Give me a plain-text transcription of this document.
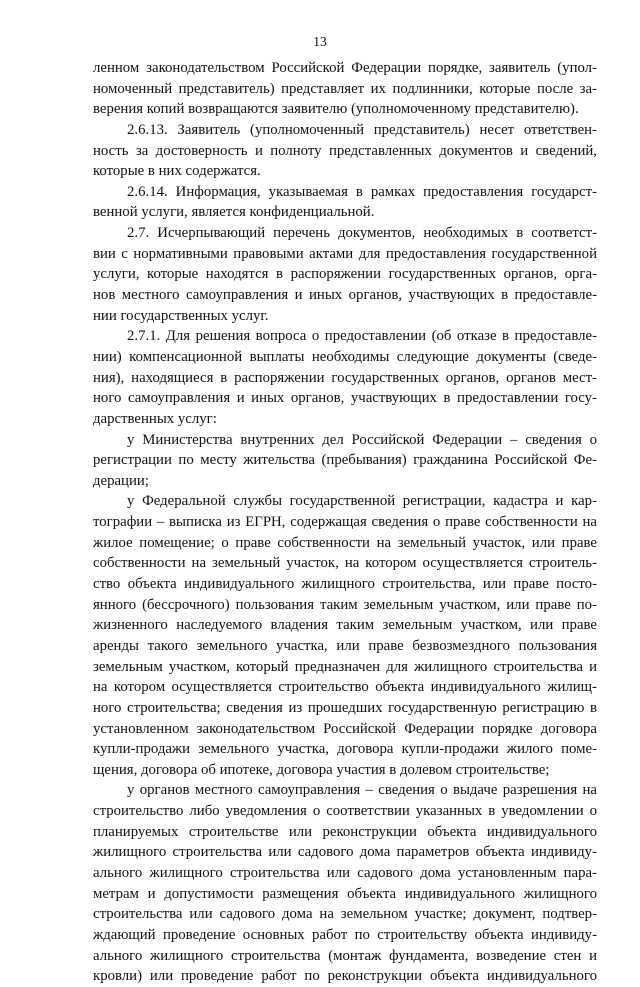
13
ленном законодательством Российской Федерации порядке, заявитель (упол-
номоченный представитель) представляет их подлинники, которые после за-
верения копий возвращаются заявителю (уполномоченному представителю).
2.6.13. Заявитель (уполномоченный представитель) несет ответствен-
ность за достоверность и полноту представленных документов и сведений,
которые в них содержатся.
2.6.14. Информация, указываемая в рамках предоставления государст-
венной услуги, является конфиденциальной.
2.7. Исчерпывающий перечень документов, необходимых в соответст-
вии с нормативными правовыми актами для предоставления государственной
услуги, которые находятся в распоряжении государственных органов, орга-
нов местного самоуправления и иных органов, участвующих в предоставле-
нии государственных услуг.
2.7.1. Для решения вопроса о предоставлении (об отказе в предоставле-
нии) компенсационной выплаты необходимы следующие документы (сведе-
ния), находящиеся в распоряжении государственных органов, органов мест-
ного самоуправления и иных органов, участвующих в предоставлении госу-
дарственных услуг:
у Министерства внутренних дел Российской Федерации – сведения о
регистрации по месту жительства (пребывания) гражданина Российской Фе-
дерации;
у Федеральной службы государственной регистрации, кадастра и кар-
тографии – выписка из ЕГРН, содержащая сведения о праве собственности на
жилое помещение; о праве собственности на земельный участок, или праве
собственности на земельный участок, на котором осуществляется строитель-
ство объекта индивидуального жилищного строительства, или праве посто-
янного (бессрочного) пользования таким земельным участком, или праве по-
жизненного наследуемого владения таким земельным участком, или праве
аренды такого земельного участка, или праве безвозмездного пользования
земельным участком, который предназначен для жилищного строительства и
на котором осуществляется строительство объекта индивидуального жилищ-
ного строительства; сведения из прошедших государственную регистрацию в
установленном законодательством Российской Федерации порядке договора
купли-продажи земельного участка, договора купли-продажи жилого поме-
щения, договора об ипотеке, договора участия в долевом строительстве;
у органов местного самоуправления – сведения о выдаче разрешения на
строительство либо уведомления о соответствии указанных в уведомлении о
планируемых строительстве или реконструкции объекта индивидуального
жилищного строительства или садового дома параметров объекта индивиду-
ального жилищного строительства или садового дома установленным пара-
метрам и допустимости размещения объекта индивидуального жилищного
строительства или садового дома на земельном участке; документ, подтвер-
ждающий проведение основных работ по строительству объекта индивиду-
ального жилищного строительства (монтаж фундамента, возведение стен и
кровли) или проведение работ по реконструкции объекта индивидуального
